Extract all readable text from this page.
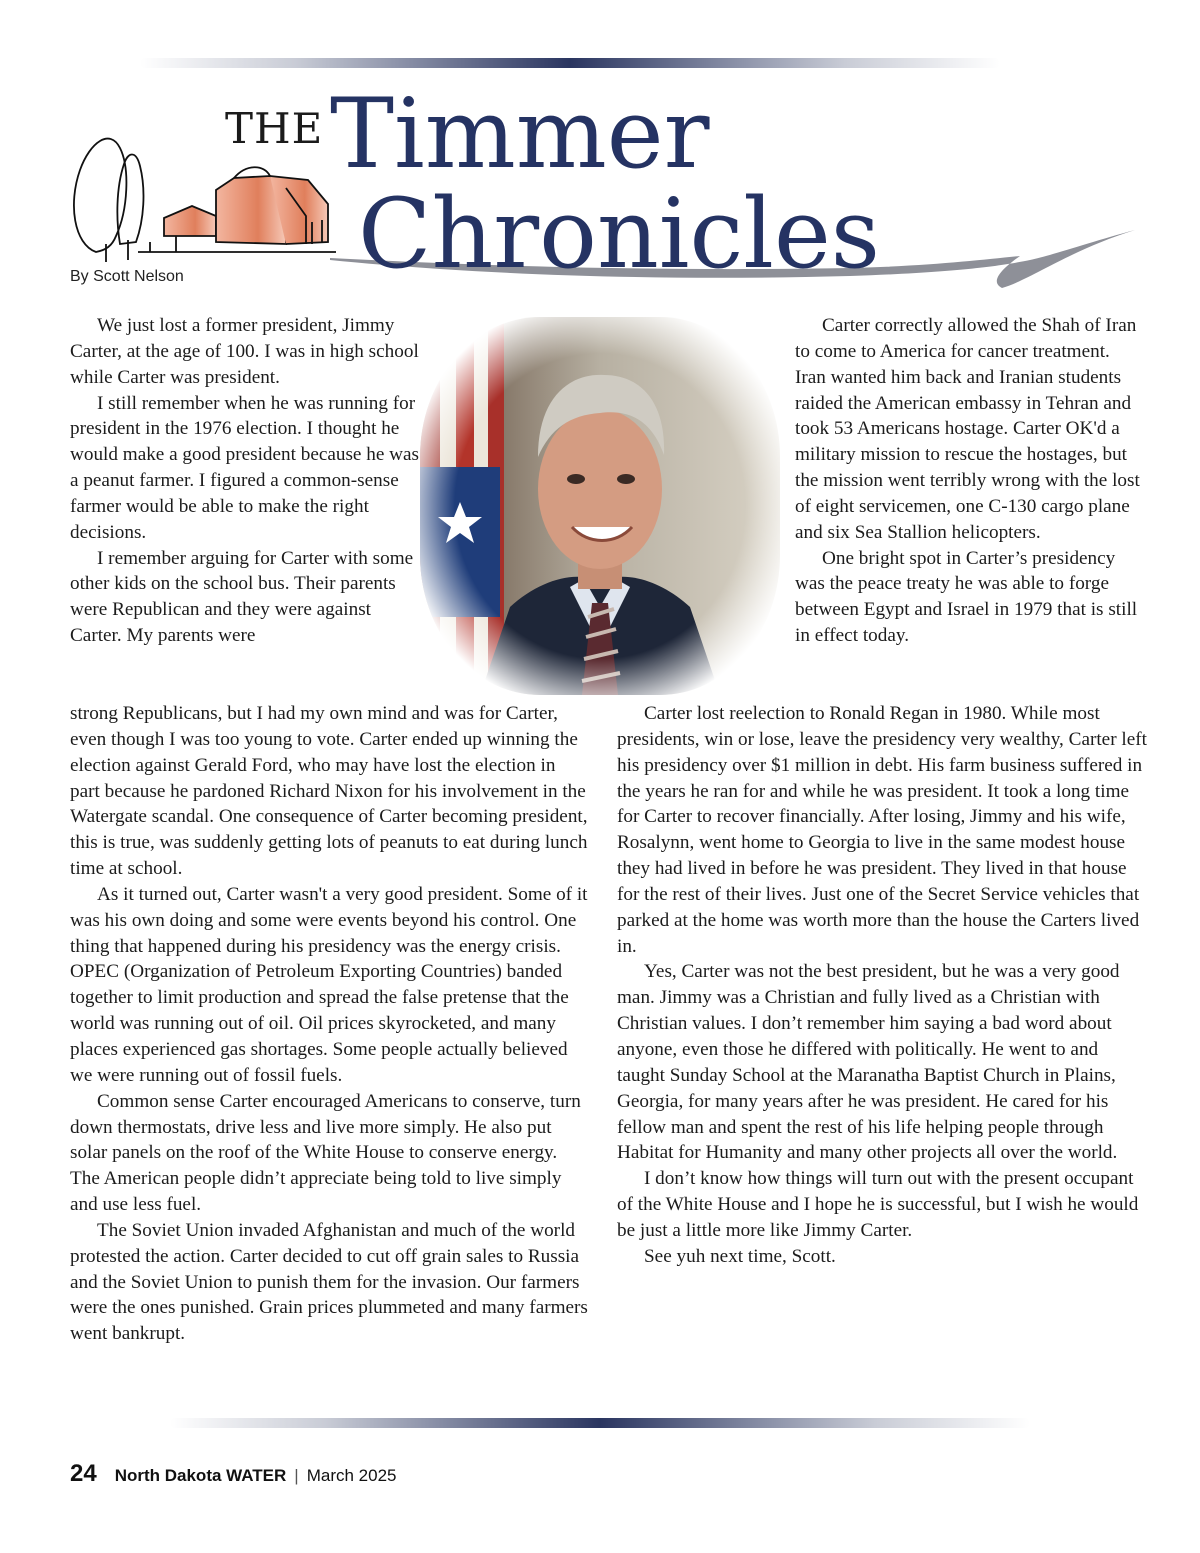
THE Timmer
Chronicles

By Scott Nelson

We just lost a former president, Jimmy Carter, at the age of 100. I was in high school while Carter was president.

I still remember when he was running for president in the 1976 election. I thought he would make a good president because he was a peanut farmer. I figured a common-sense farmer would be able to make the right decisions.

I remember arguing for Carter with some other kids on the school bus. Their parents were Republican and they were against Carter. My parents were

strong Republicans, but I had my own mind and was for Carter, even though I was too young to vote. Carter ended up winning the election against Gerald Ford, who may have lost the election in part because he pardoned Richard Nixon for his involvement in the Watergate scandal. One consequence of Carter becoming president, this is true, was suddenly getting lots of peanuts to eat during lunch time at school.

As it turned out, Carter wasn't a very good president. Some of it was his own doing and some were events beyond his control. One thing that happened during his presidency was the energy crisis. OPEC (Organization of Petroleum Exporting Countries) banded together to limit production and spread the false pretense that the world was running out of oil. Oil prices skyrocketed, and many places experienced gas shortages. Some people actually believed we were running out of fossil fuels.

Common sense Carter encouraged Americans to conserve, turn down thermostats, drive less and live more simply. He also put solar panels on the roof of the White House to conserve energy. The American people didn’t appreciate being told to live simply and use less fuel.

The Soviet Union invaded Afghanistan and much of the world protested the action. Carter decided to cut off grain sales to Russia and the Soviet Union to punish them for the invasion. Our farmers were the ones punished. Grain prices plummeted and many farmers went bankrupt.

Carter correctly allowed the Shah of Iran to come to America for cancer treatment. Iran wanted him back and Iranian students raided the American embassy in Tehran and took 53 Americans hostage. Carter OK'd a military mission to rescue the hostages, but the mission went terribly wrong with the lost of eight servicemen, one C-130 cargo plane and six Sea Stallion helicopters.

One bright spot in Carter’s presidency was the peace treaty he was able to forge between Egypt and Israel in 1979 that is still in effect today.

Carter lost reelection to Ronald Regan in 1980. While most presidents, win or lose, leave the presidency very wealthy, Carter left his presidency over $1 million in debt. His farm business suffered in the years he ran for and while he was president. It took a long time for Carter to recover financially. After losing, Jimmy and his wife, Rosalynn, went home to Georgia to live in the same modest house they had lived in before he was president. They lived in that house for the rest of their lives. Just one of the Secret Service vehicles that parked at the home was worth more than the house the Carters lived in.

Yes, Carter was not the best president, but he was a very good man. Jimmy was a Christian and fully lived as a Christian with Christian values. I don’t remember him saying a bad word about anyone, even those he differed with politically. He went to and taught Sunday School at the Maranatha Baptist Church in Plains, Georgia, for many years after he was president. He cared for his fellow man and spent the rest of his life helping people through Habitat for Humanity and many other projects all over the world.

I don’t know how things will turn out with the present occupant of the White House and I hope he is successful, but I wish he would be just a little more like Jimmy Carter.

See yuh next time, Scott.

24 North Dakota WATER | March 2025
